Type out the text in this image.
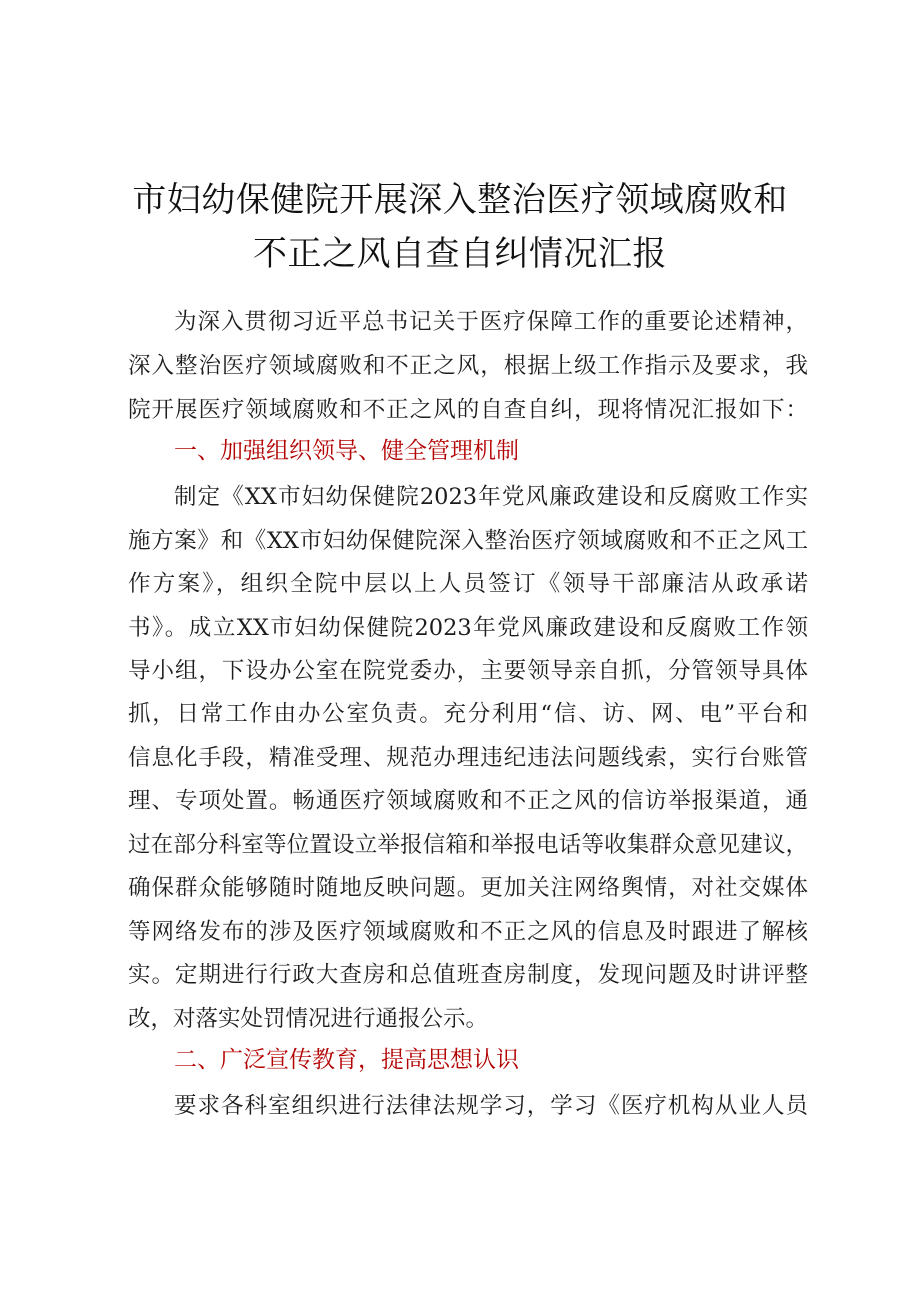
市妇幼保健院开展深入整治医疗领域腐败和
不正之风自查自纠情况汇报
为深入贯彻习近平总书记关于医疗保障工作的重要论述精神，
深入整治医疗领域腐败和不正之风，根据上级工作指示及要求，我
院开展医疗领域腐败和不正之风的自查自纠，现将情况汇报如下：
一、加强组织领导、健全管理机制
制定《XX市妇幼保健院2023年党风廉政建设和反腐败工作实
施方案》和《XX市妇幼保健院深入整治医疗领域腐败和不正之风工
作方案》，组织全院中层以上人员签订《领导干部廉洁从政承诺
书》。成立XX市妇幼保健院2023年党风廉政建设和反腐败工作领
导小组，下设办公室在院党委办，主要领导亲自抓，分管领导具体
抓，日常工作由办公室负责。充分利用“信、访、网、电”平台和
信息化手段，精准受理、规范办理违纪违法问题线索，实行台账管
理、专项处置。畅通医疗领域腐败和不正之风的信访举报渠道，通
过在部分科室等位置设立举报信箱和举报电话等收集群众意见建议，
确保群众能够随时随地反映问题。更加关注网络舆情，对社交媒体
等网络发布的涉及医疗领域腐败和不正之风的信息及时跟进了解核
实。定期进行行政大查房和总值班查房制度，发现问题及时讲评整
改，对落实处罚情况进行通报公示。
二、广泛宣传教育，提高思想认识
要求各科室组织进行法律法规学习，学习《医疗机构从业人员
